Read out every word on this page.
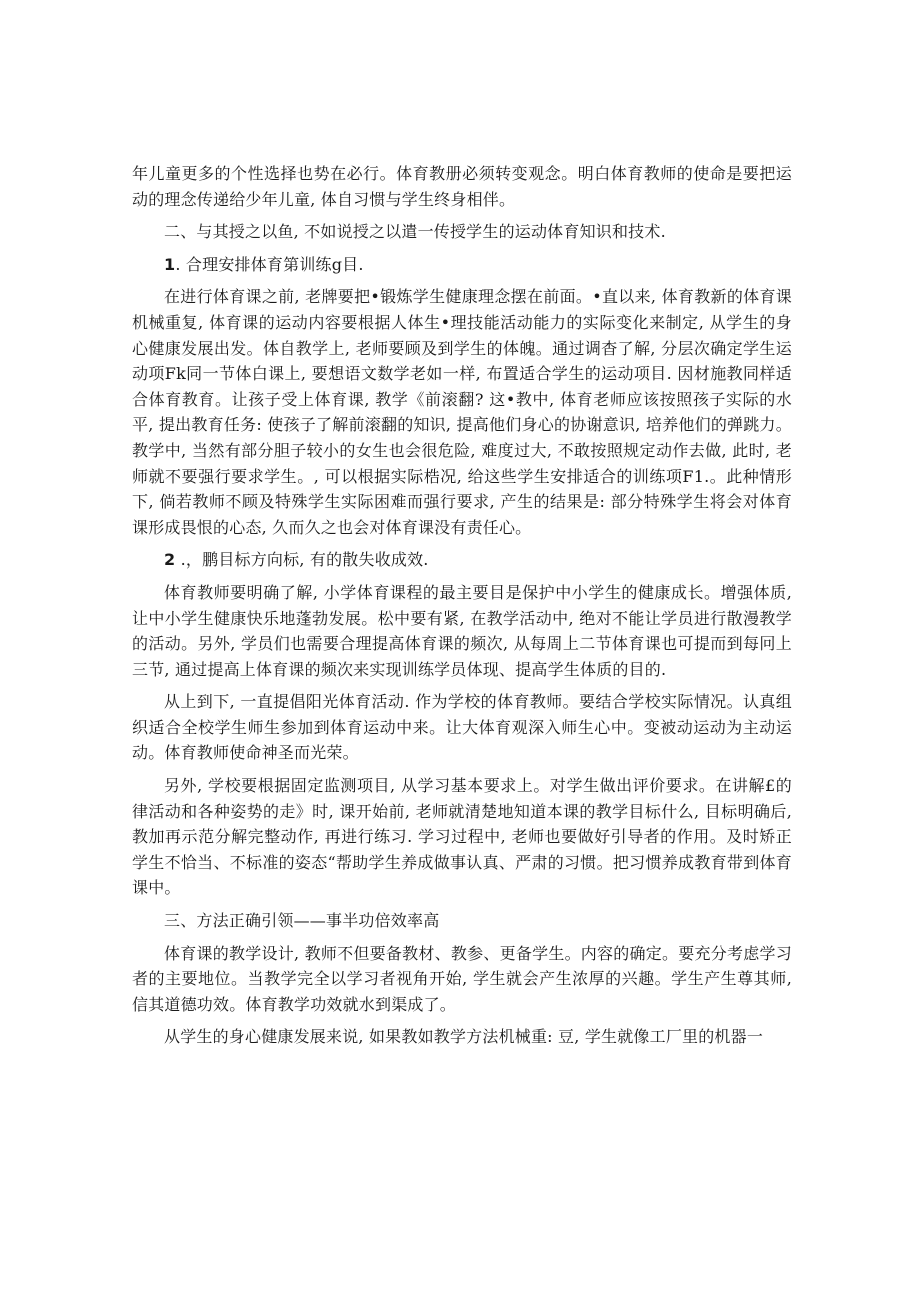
年儿童更多的个性选择也势在必行。体育教册必须转变观念。明白体育教师的使命是要把运动的理念传递给少年儿童, 体自习惯与学生终身相伴。

二、与其授之以鱼, 不如说授之以遣一传授学生的运动体育知识和技术.

1. 合理安排体育第训练g目.

在进行体育课之前, 老牌要把•锻炼学生健康理念摆在前面。•直以来, 体育教新的体育课机械重复, 体育课的运动内容要根据人体生•理技能活动能力的实际变化来制定, 从学生的身心健康发展出发。体自教学上, 老师要顾及到学生的体魄。通过调杳了解, 分层次确定学生运动项Fk同一节体白课上, 要想语文数学老如一样, 布置适合学生的运动项目. 因材施教同样适合体育教育。让孩子受上体育课, 教学《前滚翻? 这•教中, 体育老师应该按照孩子实际的水平, 提出教育任务: 使孩子了解前滚翻的知识, 提高他们身心的协谢意识, 培养他们的弹跳力。教学中, 当然有部分胆子较小的女生也会很危险, 难度过大, 不敢按照规定动作去做, 此时, 老师就不要强行要求学生。, 可以根据实际梏况, 给这些学生安排适合的训练项F1.。此种情形下, 倘若教师不顾及特殊学生实际困难而强行要求, 产生的结果是: 部分特殊学生将会对体育课形成畏恨的心态, 久而久之也会对体育课没有责任心。

2 .，鹏目标方向标, 有的散失收成效.

体育教师要明确了解, 小学体育课程的最主要目是保护中小学生的健康成长。增强体质, 让中小学生健康快乐地蓬勃发展。松中要有紧, 在教学活动中, 绝对不能让学员进行散漫教学的活动。另外, 学员们也需要合理提高体育课的频次, 从每周上二节体育课也可提而到每冋上三节, 通过提高上体育课的频次来实现训练学员体现、提高学生体质的目的.

从上到下, 一直提倡阳光体育活动. 作为学校的体育教师。要结合学校实际情况。认真组织适合全校学生师生参加到体育运动中来。让大体育观深入师生心中。变被动运动为主动运动。体育教师使命神圣而光荣。

另外, 学校要根据固定监测项目, 从学习基本要求上。对学生做出评价要求。在讲解£的律活动和各种姿势的走》时, 课开始前, 老师就清楚地知道本课的教学目标什么, 目标明确后, 教加再示范分解完整动作, 再进行练习. 学习过程中, 老师也要做好引导者的作用。及时矫正学生不恰当、不标准的姿态“帮助学生养成做事认真、严肃的习惯。把习惯养成教育带到体育课中。

三、方法正确引领——事半功倍效率高

体育课的教学设计, 教师不但要备教材、教参、更备学生。内容的确定。要充分考虑学习者的主要地位。当教学完全以学习者视角开始, 学生就会产生浓厚的兴趣。学生产生尊其师, 信其道德功效。体育教学功效就水到渠成了。

从学生的身心健康发展来说, 如果教如教学方法机械重: 豆, 学生就像工厂里的机器一
